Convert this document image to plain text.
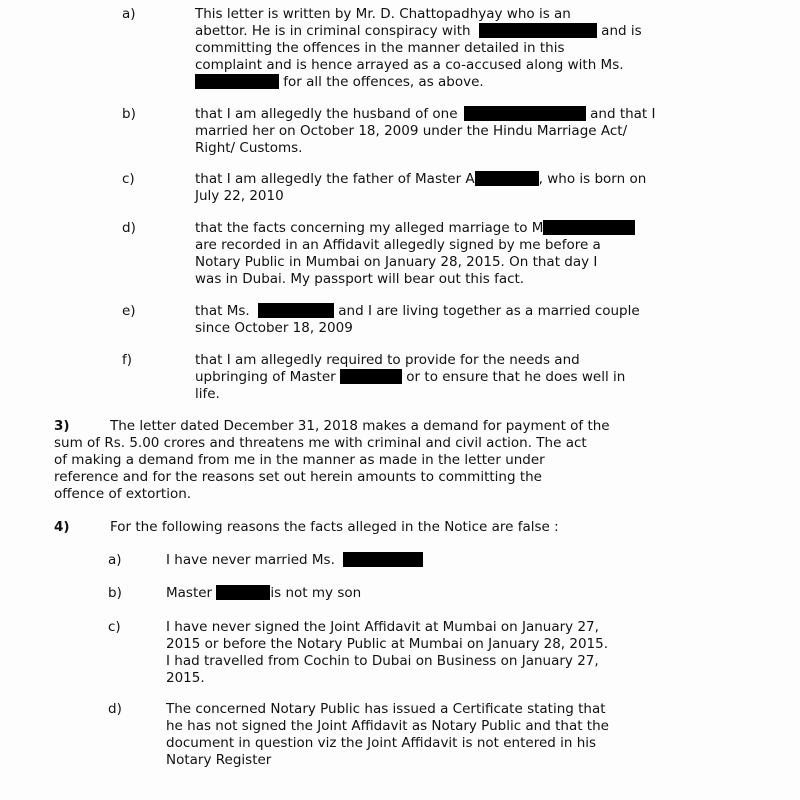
a)	This letter is written by Mr. D. Chattopadhyay who is an
abettor. He is in criminal conspiracy with	and is
committing the offences in the manner detailed in this
complaint and is hence arrayed as a co-accused along with Ms.
for all the offences, as above.
b)	that I am allegedly the husband of one	and that I
married her on October 18, 2009 under the Hindu Marriage Act/
Right/ Customs.
c)	that I am allegedly the father of Master A	, who is born on
July 22, 2010
d)	that the facts concerning my alleged marriage to M
are recorded in an Affidavit allegedly signed by me before a
Notary Public in Mumbai on January 28, 2015. On that day I
was in Dubai. My passport will bear out this fact.
e)	that Ms.	and I are living together as a married couple
since October 18, 2009
f)	that I am allegedly required to provide for the needs and
upbringing of Master	or to ensure that he does well in
life.
3)	The letter dated December 31, 2018 makes a demand for payment of the
sum of Rs. 5.00 crores and threatens me with criminal and civil action. The act
of making a demand from me in the manner as made in the letter under
reference and for the reasons set out herein amounts to committing the
offence of extortion.
4)	For the following reasons the facts alleged in the Notice are false :
a)	I have never married Ms.
b)	Master	is not my son
c)	I have never signed the Joint Affidavit at Mumbai on January 27,
2015 or before the Notary Public at Mumbai on January 28, 2015.
I had travelled from Cochin to Dubai on Business on January 27,
2015.
d)	The concerned Notary Public has issued a Certificate stating that
he has not signed the Joint Affidavit as Notary Public and that the
document in question viz the Joint Affidavit is not entered in his
Notary Register
